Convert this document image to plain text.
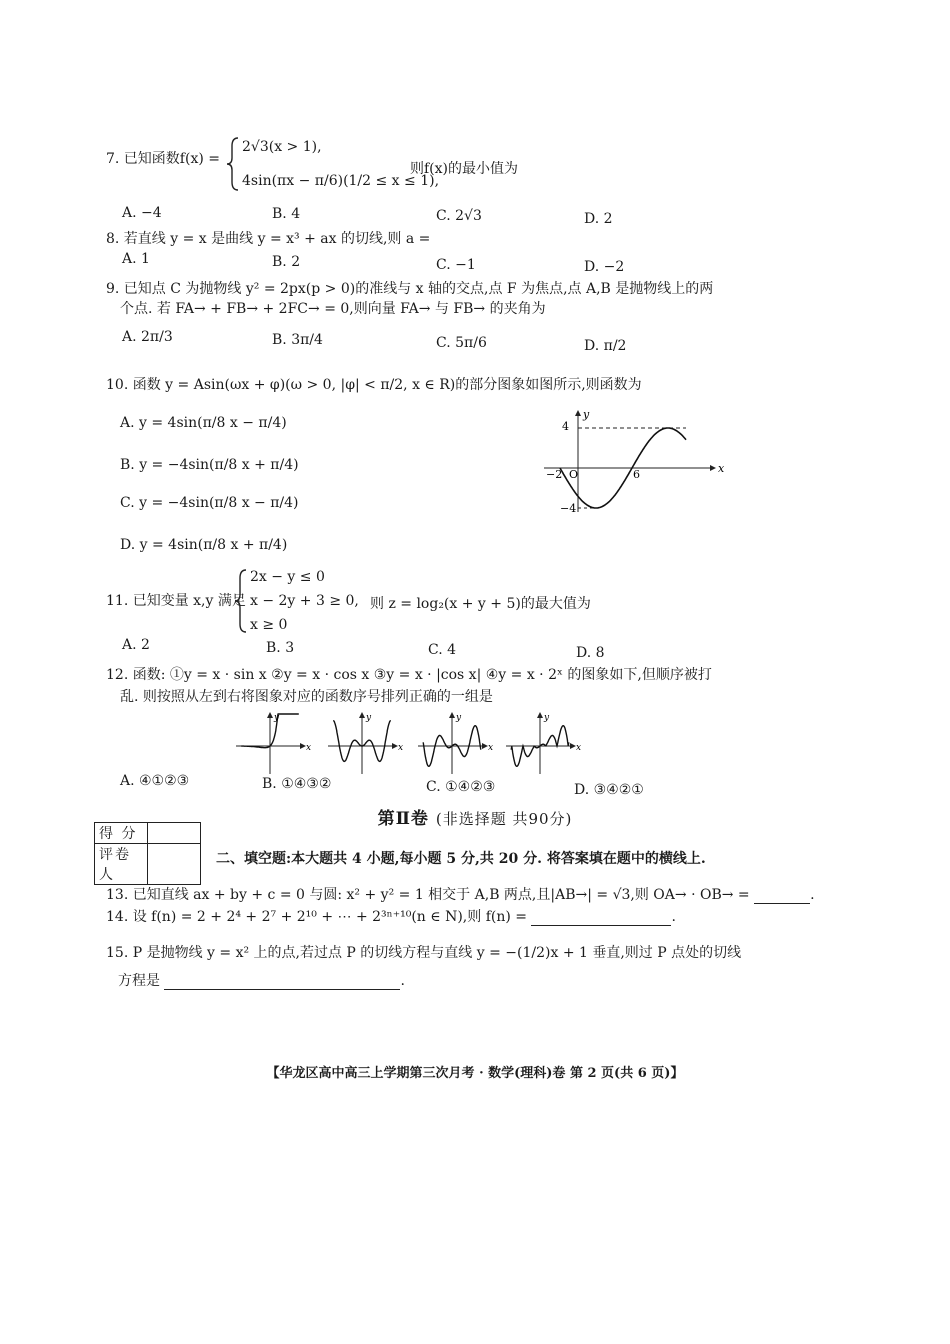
7. 已知函数f(x) =
2√3(x > 1),
4sin(πx − π/6)(1/2 ≤ x ≤ 1),
则f(x)的最小值为
A. −4	B. 4	C. 2√3	D. 2
8. 若直线 y = x 是曲线 y = x³ + ax 的切线,则 a =
A. 1	B. 2	C. −1	D. −2
9. 已知点 C 为抛物线 y² = 2px(p > 0)的准线与 x 轴的交点,点 F 为焦点,点 A,B 是抛物线上的两
个点. 若 FA→ + FB→ + 2FC→ = 0,则向量 FA→ 与 FB→ 的夹角为
A. 2π/3	B. 3π/4	C. 5π/6	D. π/2
10. 函数 y = Asin(ωx + φ)(ω > 0, |φ| < π/2, x ∈ R)的部分图象如图所示,则函数为
A. y = 4sin(π/8 x − π/4)
B. y = −4sin(π/8 x + π/4)
C. y = −4sin(π/8 x − π/4)
D. y = 4sin(π/8 x + π/4)
4
−4
−2 O	6	x
y
11. 已知变量 x,y 满足
2x − y ≤ 0
x − 2y + 3 ≥ 0,
x ≥ 0
则 z = log₂(x + y + 5)的最大值为
A. 2	B. 3	C. 4	D. 8
12. 函数: ①y = x · sin x ②y = x · cos x ③y = x · |cos x| ④y = x · 2ˣ 的图象如下,但顺序被打
乱. 则按照从左到右将图象对应的函数序号排列正确的一组是
x
y
x
y
x
y
x
y
A. ④①②③	B. ①④③②	C. ①④②③	D. ③④②①
第Ⅱ卷 (非选择题 共90分)
得 分	
评卷人	
二、填空题:本大题共 4 小题,每小题 5 分,共 20 分. 将答案填在题中的横线上.
13. 已知直线 ax + by + c = 0 与圆: x² + y² = 1 相交于 A,B 两点,且|AB→| = √3,则 OA→ · OB→ =	.
14. 设 f(n) = 2 + 2⁴ + 2⁷ + 2¹⁰ + ⋯ + 2³ⁿ⁺¹⁰(n ∈ N),则 f(n) =	.
15. P 是抛物线 y = x² 上的点,若过点 P 的切线方程与直线 y = −(1/2)x + 1 垂直,则过 P 点处的切线
方程是	.
【华龙区高中高三上学期第三次月考 · 数学(理科)卷 第 2 页(共 6 页)】
